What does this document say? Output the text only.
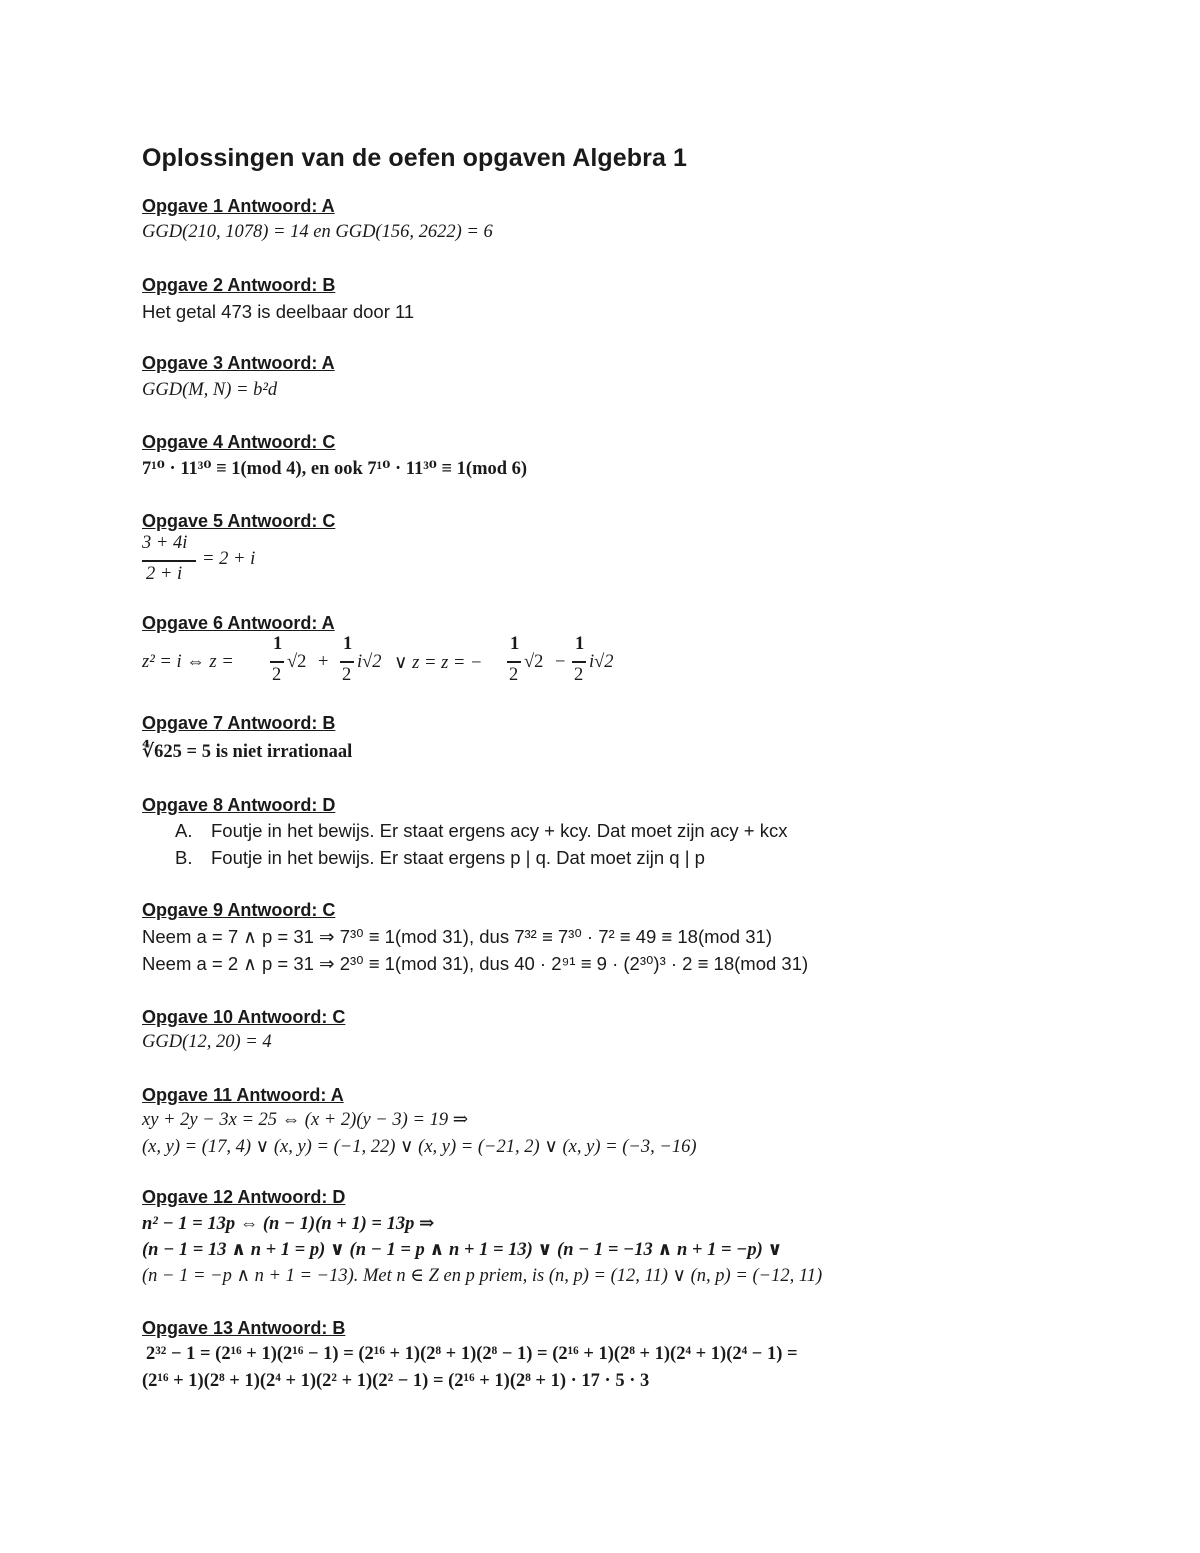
Oplossingen van de oefen opgaven Algebra 1
Opgave 1 Antwoord: A
GGD(210, 1078) = 14 en GGD(156, 2622) = 6
Opgave 2 Antwoord: B
Het getal 473 is deelbaar door 11
Opgave 3 Antwoord: A
GGD(M, N) = b²d
Opgave 4 Antwoord: C
7¹⁰ · 11³⁰ ≡ 1(mod 4), en ook 7¹⁰ · 11³⁰ ≡ 1(mod 6)
Opgave 5 Antwoord: C
3 + 4i
2 + i
= 2 + i
Opgave 6 Antwoord: A
z² = i ⇔ z =
1
2
√2 +
1
2
i√2 ∨ z = z = −
1
2
√2 −
1
2
i√2
Opgave 7 Antwoord: B
∜625 = 5 is niet irrationaal
Opgave 8 Antwoord: D
A. Foutje in het bewijs. Er staat ergens acy + kcy. Dat moet zijn acy + kcx
B. Foutje in het bewijs. Er staat ergens p | q. Dat moet zijn q | p
Opgave 9 Antwoord: C
Neem a = 7 ∧ p = 31 ⇒ 7³⁰ ≡ 1(mod 31), dus 7³² ≡ 7³⁰ · 7² ≡ 49 ≡ 18(mod 31)
Neem a = 2 ∧ p = 31 ⇒ 2³⁰ ≡ 1(mod 31), dus 40 · 2⁹¹ ≡ 9 · (2³⁰)³ · 2 ≡ 18(mod 31)
Opgave 10 Antwoord: C
GGD(12, 20) = 4
Opgave 11 Antwoord: A
xy + 2y − 3x = 25 ⇔ (x + 2)(y − 3) = 19 ⇒
(x, y) = (17, 4) ∨ (x, y) = (−1, 22) ∨ (x, y) = (−21, 2) ∨ (x, y) = (−3, −16)
Opgave 12 Antwoord: D
n² − 1 = 13p ⇔ (n − 1)(n + 1) = 13p ⇒
(n − 1 = 13 ∧ n + 1 = p) ∨ (n − 1 = p ∧ n + 1 = 13) ∨ (n − 1 = −13 ∧ n + 1 = −p) ∨
(n − 1 = −p ∧ n + 1 = −13). Met n ∈ Z en p priem, is (n, p) = (12, 11) ∨ (n, p) = (−12, 11)
Opgave 13 Antwoord: B
2³² − 1 = (2¹⁶ + 1)(2¹⁶ − 1) = (2¹⁶ + 1)(2⁸ + 1)(2⁸ − 1) = (2¹⁶ + 1)(2⁸ + 1)(2⁴ + 1)(2⁴ − 1) =
(2¹⁶ + 1)(2⁸ + 1)(2⁴ + 1)(2² + 1)(2² − 1) = (2¹⁶ + 1)(2⁸ + 1) · 17 · 5 · 3
